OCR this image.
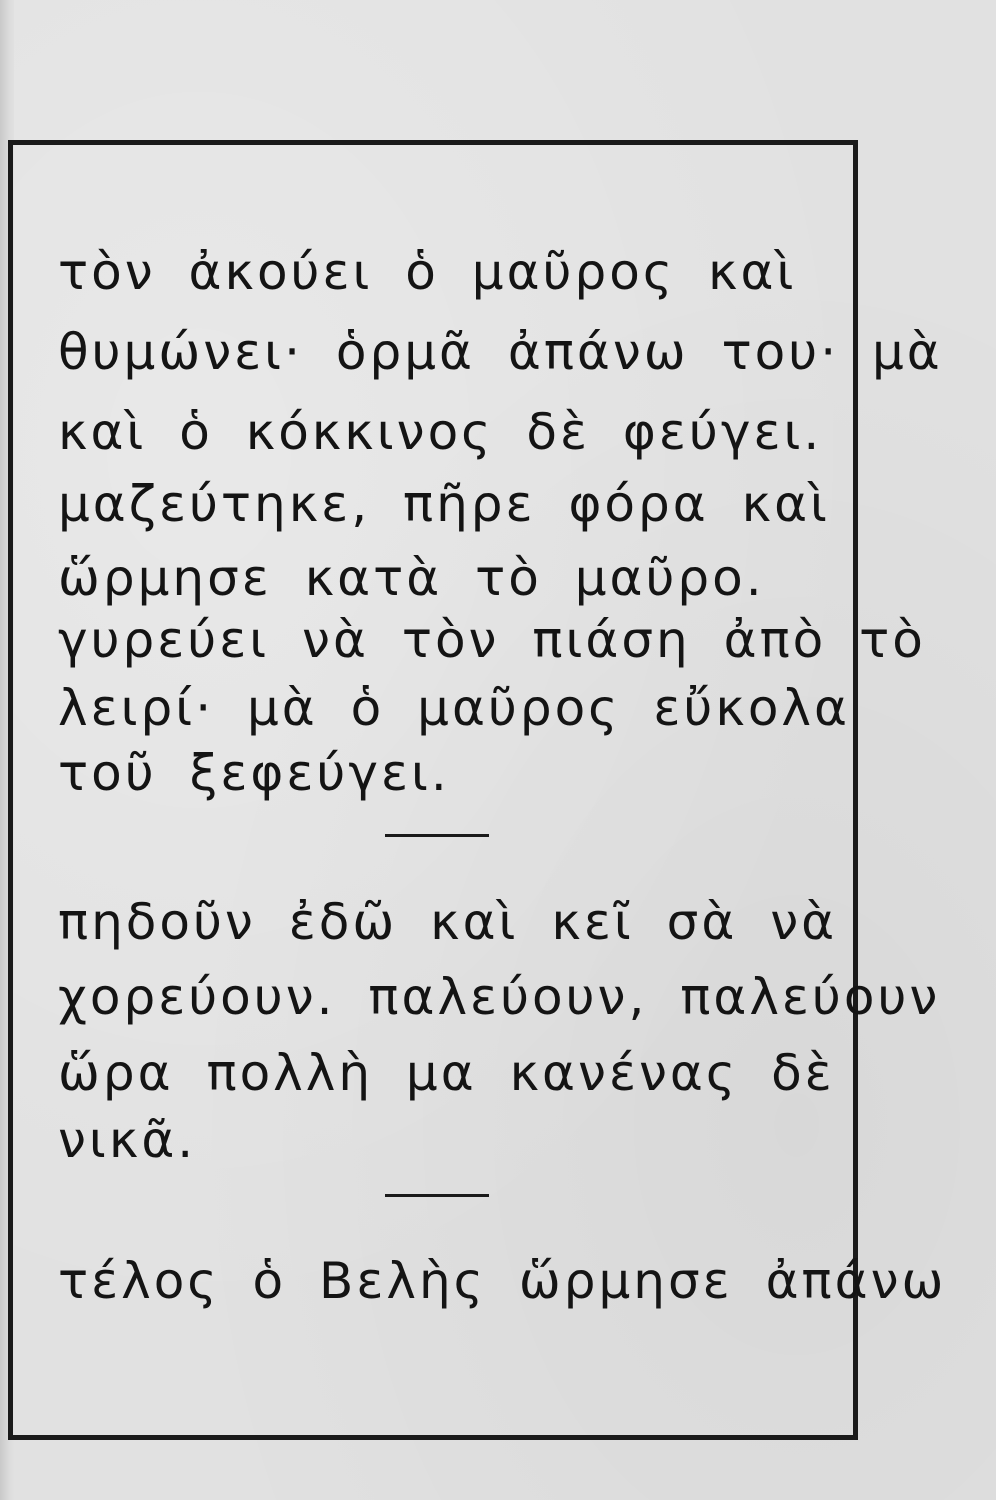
τὸν ἀκούει ὁ μαῦρος καὶ

θυμώνει· ὁρμᾶ ἀπάνω του· μὰ

καὶ ὁ κόκκινος δὲ φεύγει.

μαζεύτηκε, πῆρε φόρα καὶ

ὥρμησε κατὰ τὸ μαῦρο.

γυρεύει νὰ τὸν πιάση ἀπὸ τὸ

λειρί· μὰ ὁ μαῦρος εὔκολα

τοῦ ξεφεύγει.

πηδοῦν ἐδῶ καὶ κεῖ σὰ νὰ

χορεύουν. παλεύουν, παλεύουν

ὥρα πολλὴ μα κανένας δὲ

νικᾶ.

τέλος ὁ Βελὴς ὥρμησε ἀπάνω
